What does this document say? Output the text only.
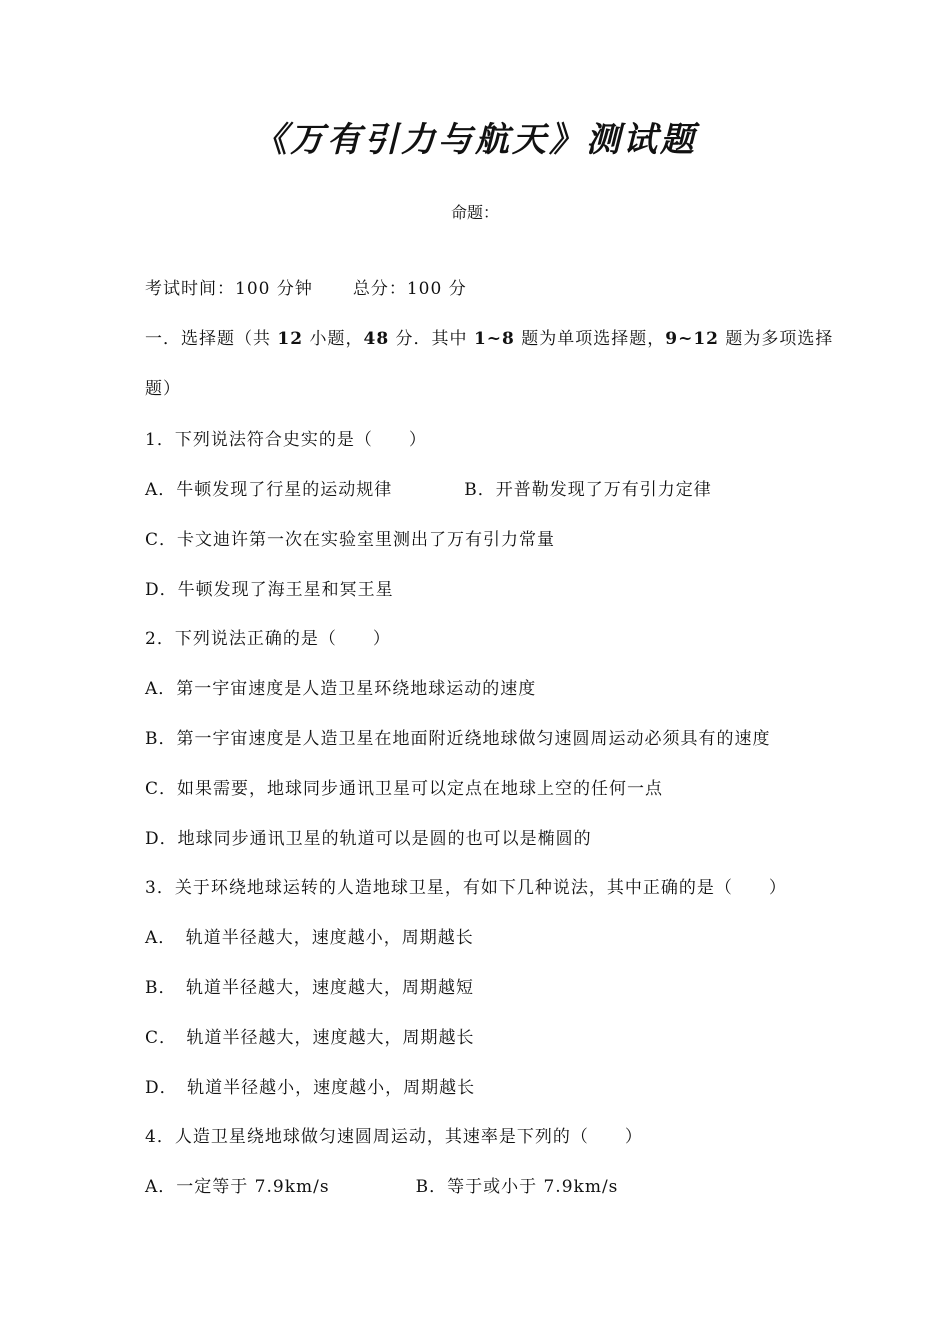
《万有引力与航天》测试题
命题：
考试时间：100 分钟 总分：100 分
一．选择题（共 12 小题，48 分．其中 1~8 题为单项选择题，9~12 题为多项选择
题）
1．下列说法符合史实的是（　　）
A．牛顿发现了行星的运动规律	B．开普勒发现了万有引力定律
C．卡文迪许第一次在实验室里测出了万有引力常量
D．牛顿发现了海王星和冥王星
2．下列说法正确的是（　　）
A．第一宇宙速度是人造卫星环绕地球运动的速度
B．第一宇宙速度是人造卫星在地面附近绕地球做匀速圆周运动必须具有的速度
C．如果需要，地球同步通讯卫星可以定点在地球上空的任何一点
D．地球同步通讯卫星的轨道可以是圆的也可以是椭圆的
3．关于环绕地球运转的人造地球卫星，有如下几种说法，其中正确的是（　　）
A．　轨道半径越大，速度越小，周期越长
B．　轨道半径越大，速度越大，周期越短
C．　轨道半径越大，速度越大，周期越长
D．　轨道半径越小，速度越小，周期越长
4．人造卫星绕地球做匀速圆周运动，其速率是下列的（　　）
A．一定等于 7.9km/s	B．等于或小于 7.9km/s
